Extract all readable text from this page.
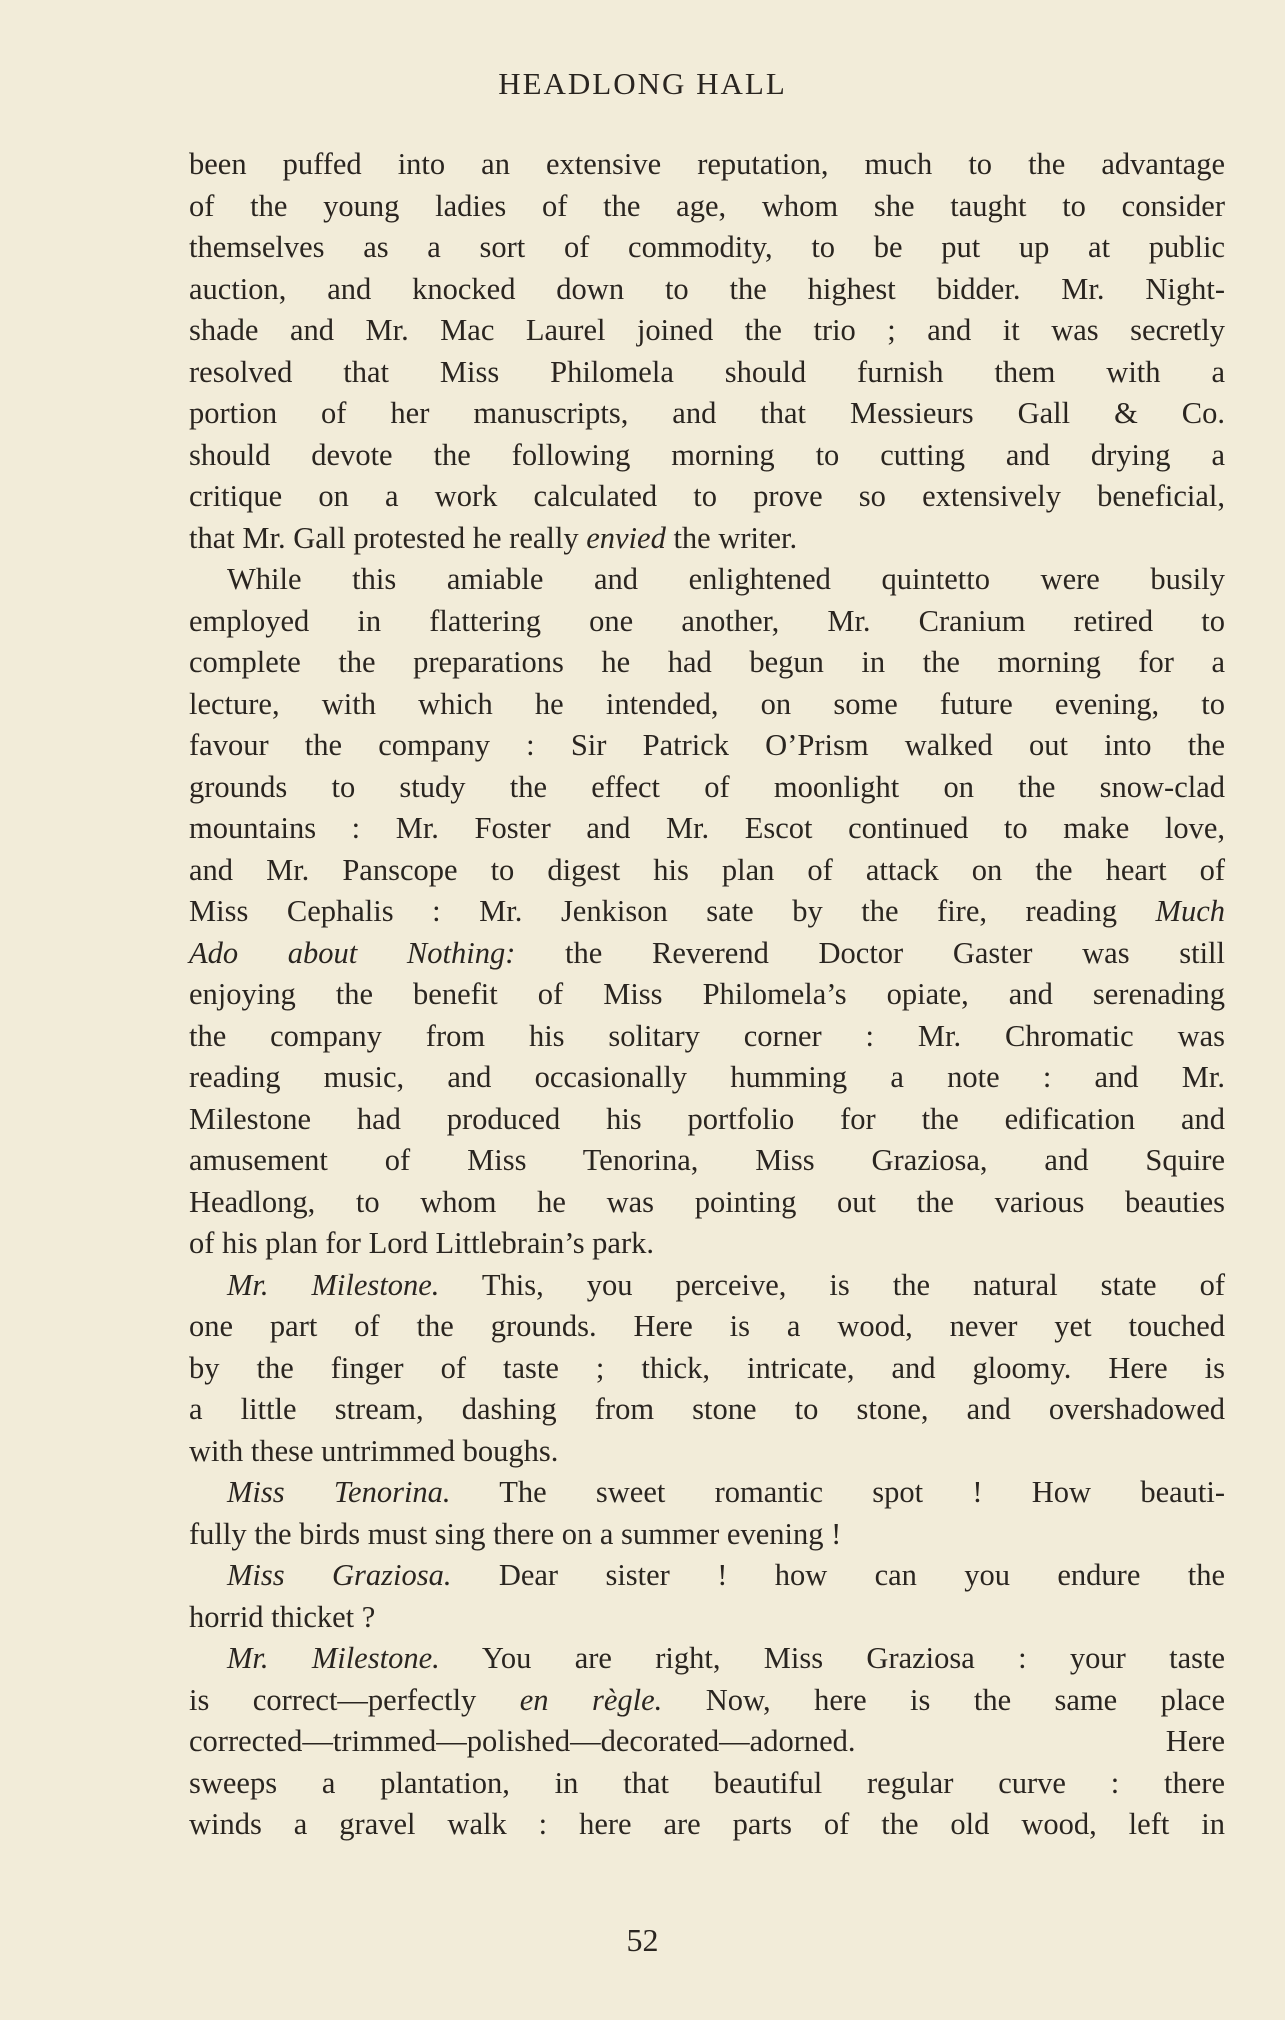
HEADLONG HALL
been puffed into an extensive reputation, much to the advantage
of the young ladies of the age, whom she taught to consider
themselves as a sort of commodity, to be put up at public
auction, and knocked down to the highest bidder. Mr. Night-
shade and Mr. Mac Laurel joined the trio ; and it was secretly
resolved that Miss Philomela should furnish them with a
portion of her manuscripts, and that Messieurs Gall & Co.
should devote the following morning to cutting and drying a
critique on a work calculated to prove so extensively beneficial,
that Mr. Gall protested he really envied the writer.
While this amiable and enlightened quintetto were busily
employed in flattering one another, Mr. Cranium retired to
complete the preparations he had begun in the morning for a
lecture, with which he intended, on some future evening, to
favour the company : Sir Patrick O’Prism walked out into the
grounds to study the effect of moonlight on the snow-clad
mountains : Mr. Foster and Mr. Escot continued to make love,
and Mr. Panscope to digest his plan of attack on the heart of
Miss Cephalis : Mr. Jenkison sate by the fire, reading Much
Ado about Nothing: the Reverend Doctor Gaster was still
enjoying the benefit of Miss Philomela’s opiate, and serenading
the company from his solitary corner : Mr. Chromatic was
reading music, and occasionally humming a note : and Mr.
Milestone had produced his portfolio for the edification and
amusement of Miss Tenorina, Miss Graziosa, and Squire
Headlong, to whom he was pointing out the various beauties
of his plan for Lord Littlebrain’s park.
Mr. Milestone. This, you perceive, is the natural state of
one part of the grounds. Here is a wood, never yet touched
by the finger of taste ; thick, intricate, and gloomy. Here is
a little stream, dashing from stone to stone, and overshadowed
with these untrimmed boughs.
Miss Tenorina. The sweet romantic spot ! How beauti-
fully the birds must sing there on a summer evening !
Miss Graziosa. Dear sister ! how can you endure the
horrid thicket ?
Mr. Milestone. You are right, Miss Graziosa : your taste
is correct—perfectly en règle. Now, here is the same place
corrected—trimmed—polished—decorated—adorned. Here
sweeps a plantation, in that beautiful regular curve : there
winds a gravel walk : here are parts of the old wood, left in
52
